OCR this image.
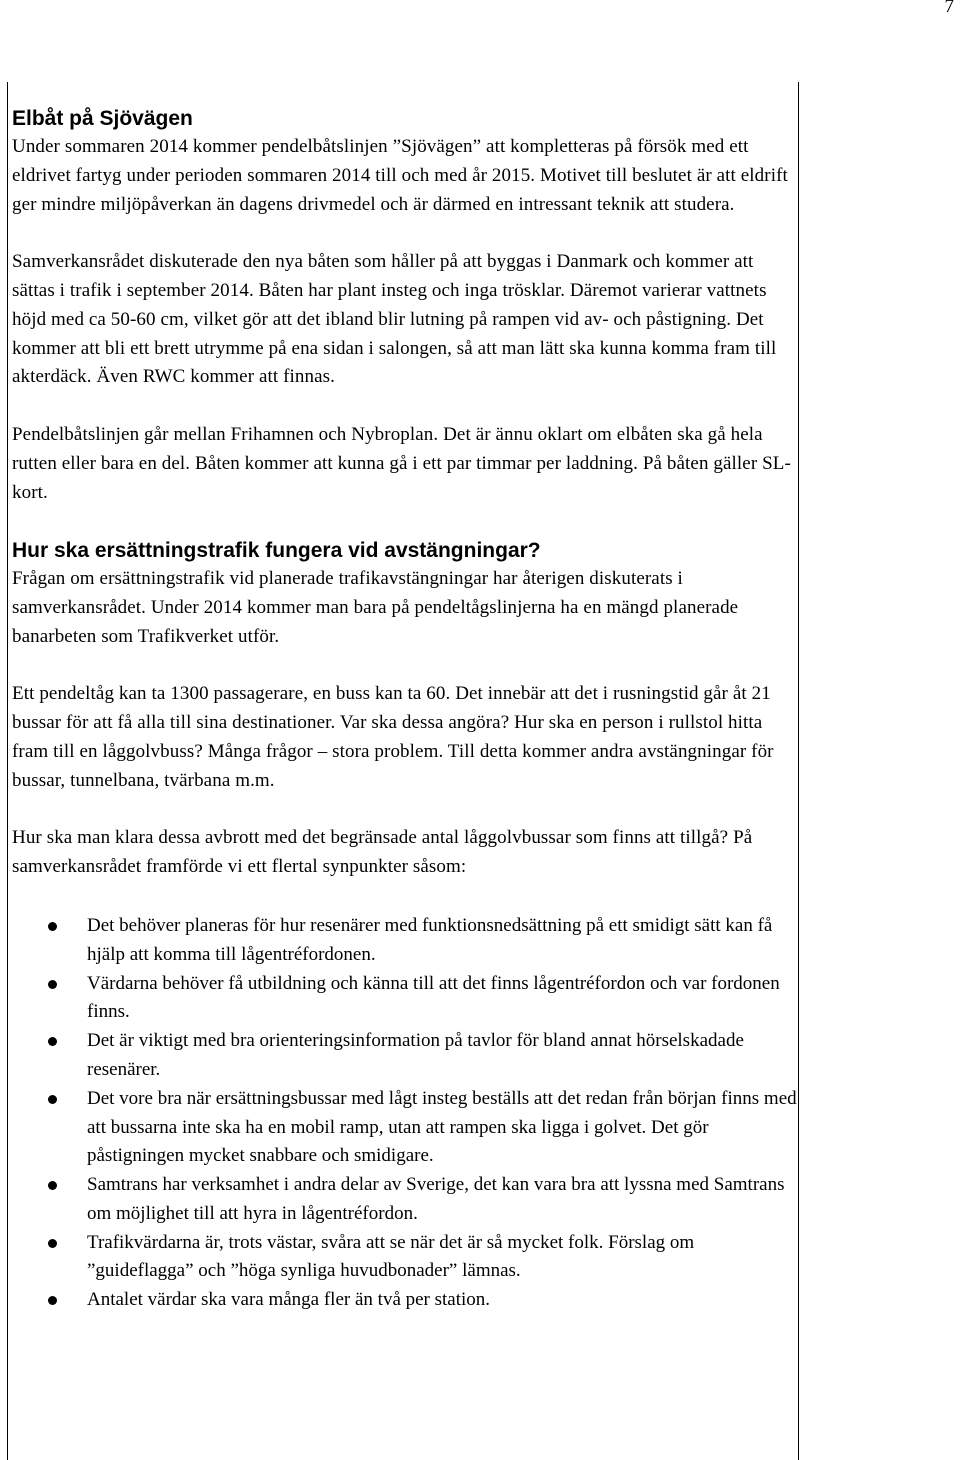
7
Elbåt på Sjövägen

Under sommaren 2014 kommer pendelbåtslinjen ”Sjövägen” att kompletteras på försök med ett eldrivet fartyg under perioden sommaren 2014 till och med år 2015. Motivet till beslutet är att eldrift ger mindre miljöpåverkan än dagens drivmedel och är därmed en intressant teknik att studera.

Samverkansrådet diskuterade den nya båten som håller på att byggas i Danmark och kommer att sättas i trafik i september 2014. Båten har plant insteg och inga trösklar. Däremot varierar vattnets höjd med ca 50-60 cm, vilket gör att det ibland blir lutning på rampen vid av- och påstigning. Det kommer att bli ett brett utrymme på ena sidan i salongen, så att man lätt ska kunna komma fram till akterdäck. Även RWC kommer att finnas.

Pendelbåtslinjen går mellan Frihamnen och Nybroplan. Det är ännu oklart om elbåten ska gå hela rutten eller bara en del. Båten kommer att kunna gå i ett par timmar per laddning. På båten gäller SL-kort.

Hur ska ersättningstrafik fungera vid avstängningar?

Frågan om ersättningstrafik vid planerade trafikavstängningar har återigen diskuterats i samverkansrådet. Under 2014 kommer man bara på pendeltågslinjerna ha en mängd planerade banarbeten som Trafikverket utför.

Ett pendeltåg kan ta 1300 passagerare, en buss kan ta 60. Det innebär att det i rusningstid går åt 21 bussar för att få alla till sina destinationer. Var ska dessa angöra? Hur ska en person i rullstol hitta fram till en låggolvbuss? Många frågor – stora problem. Till detta kommer andra avstängningar för bussar, tunnelbana, tvärbana m.m.

Hur ska man klara dessa avbrott med det begränsade antal låggolvbussar som finns att tillgå? På samverkansrådet framförde vi ett flertal synpunkter såsom:

Det behöver planeras för hur resenärer med funktionsnedsättning på ett smidigt sätt kan få hjälp att komma till lågentréfordonen.
Värdarna behöver få utbildning och känna till att det finns lågentréfordon och var fordonen finns.
Det är viktigt med bra orienteringsinformation på tavlor för bland annat hörselskadade resenärer.
Det vore bra när ersättningsbussar med lågt insteg beställs att det redan från början finns med att bussarna inte ska ha en mobil ramp, utan att rampen ska ligga i golvet. Det gör påstigningen mycket snabbare och smidigare.
Samtrans har verksamhet i andra delar av Sverige, det kan vara bra att lyssna med Samtrans om möjlighet till att hyra in lågentréfordon.
Trafikvärdarna är, trots västar, svåra att se när det är så mycket folk. Förslag om ”guideflagga” och ”höga synliga huvudbonader” lämnas.
Antalet värdar ska vara många fler än två per station.
